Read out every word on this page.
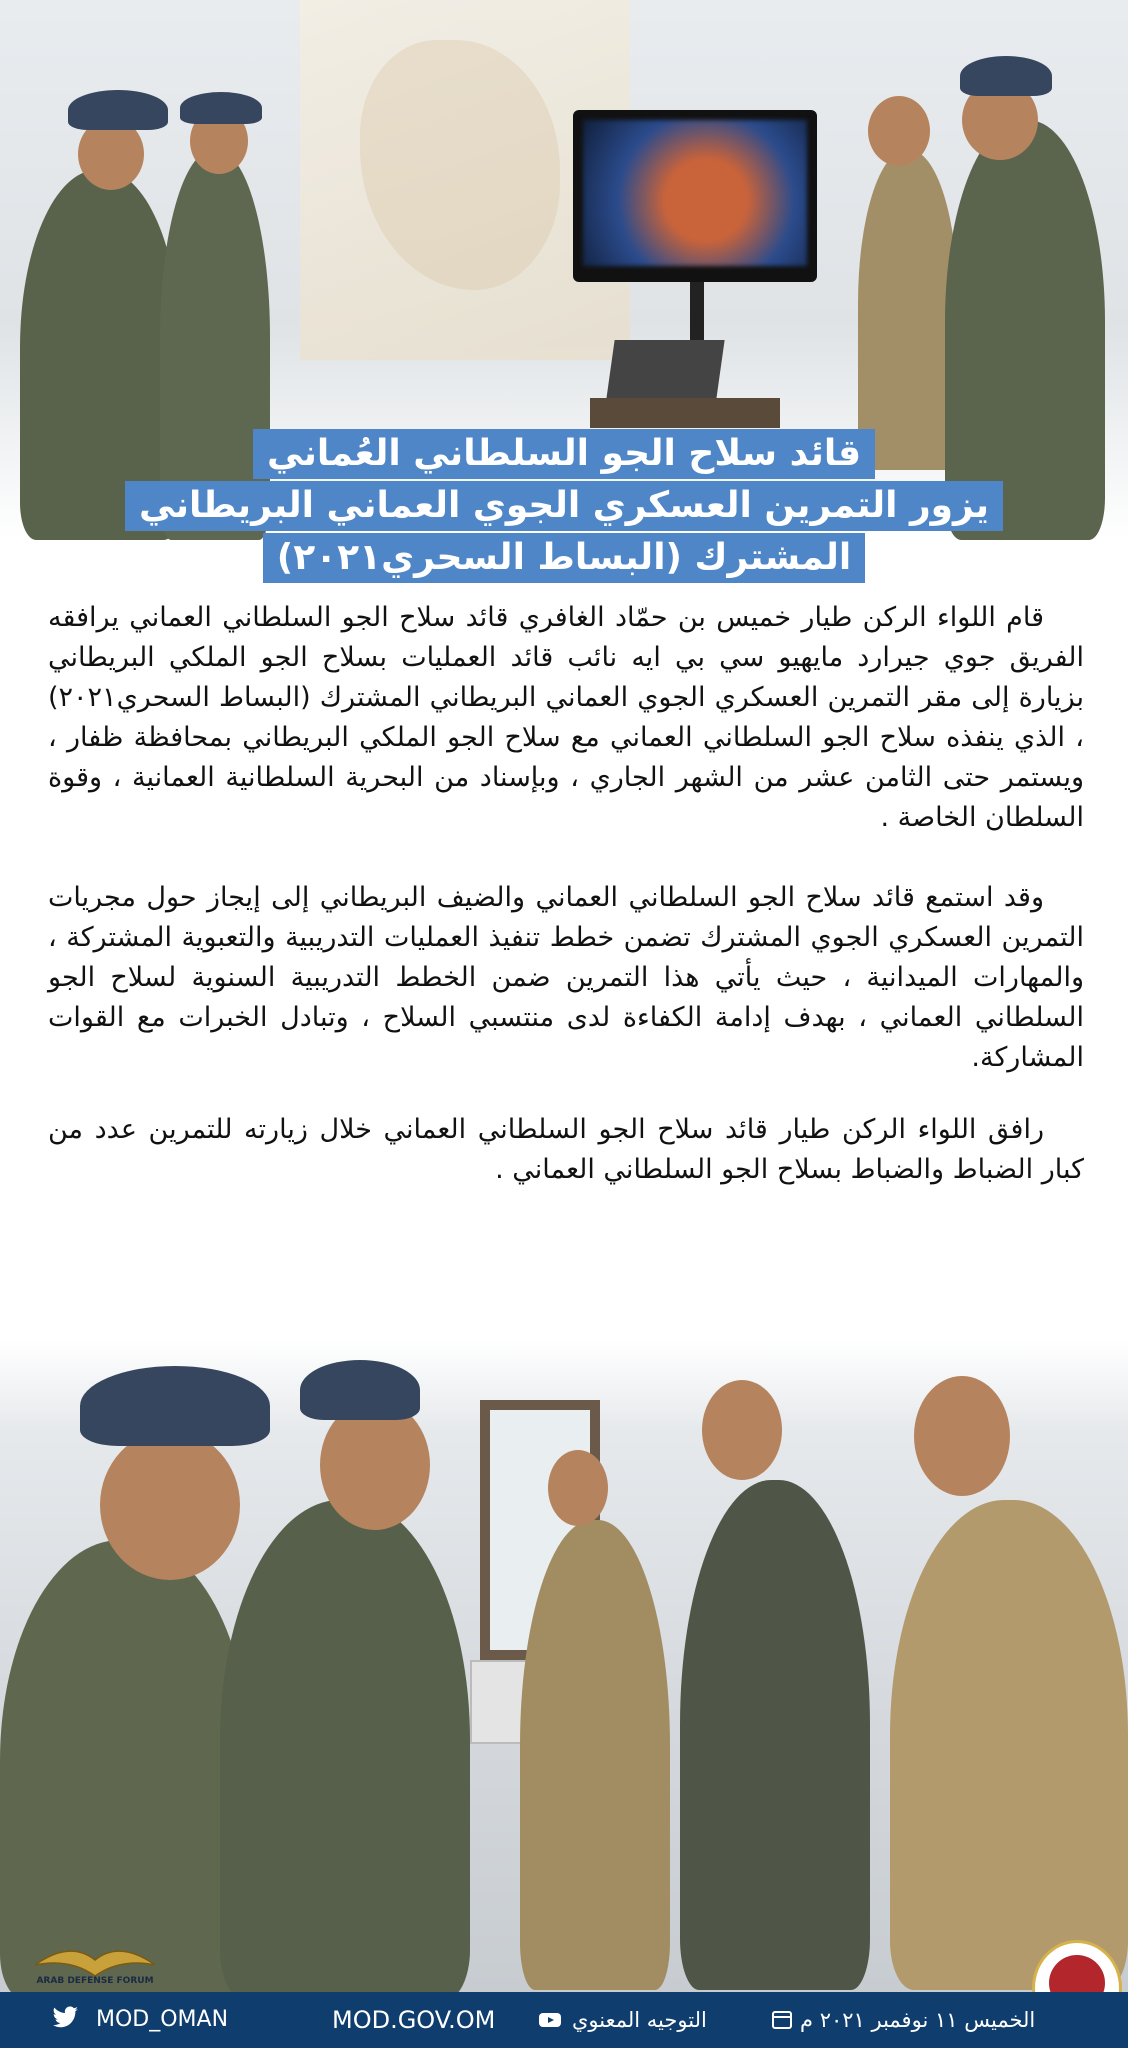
قائد سلاح الجو السلطاني العُماني
يزور التمرين العسكري الجوي العماني البريطاني
المشترك (البساط السحري٢٠٢١)

قام اللواء الركن طيار خميس بن حمّاد الغافري قائد سلاح الجو السلطاني العماني يرافقه الفريق جوي جيرارد مايهيو سي بي ايه نائب قائد العمليات بسلاح الجو الملكي البريطاني بزيارة إلى مقر التمرين العسكري الجوي العماني البريطاني المشترك (البساط السحري٢٠٢١) ، الذي ينفذه سلاح الجو السلطاني العماني مع سلاح الجو الملكي البريطاني بمحافظة ظفار ، ويستمر حتى الثامن عشر من الشهر الجاري ، وبإسناد من البحرية السلطانية العمانية ، وقوة السلطان الخاصة .

وقد استمع قائد سلاح الجو السلطاني العماني والضيف البريطاني إلى إيجاز حول مجريات التمرين العسكري الجوي المشترك تضمن خطط تنفيذ العمليات التدريبية والتعبوية المشتركة ، والمهارات الميدانية ، حيث يأتي هذا التمرين ضمن الخطط التدريبية السنوية لسلاح الجو السلطاني العماني ، بهدف إدامة الكفاءة لدى منتسبي السلاح ، وتبادل الخبرات مع القوات المشاركة.

رافق اللواء الركن طيار قائد سلاح الجو السلطاني العماني خلال زيارته للتمرين عدد من كبار الضباط والضباط بسلاح الجو السلطاني العماني .

ARAB DEFENSE FORUM
MOD_OMAN	MOD.GOV.OM	التوجيه المعنوي	الخميس ١١ نوفمبر ٢٠٢١ م
